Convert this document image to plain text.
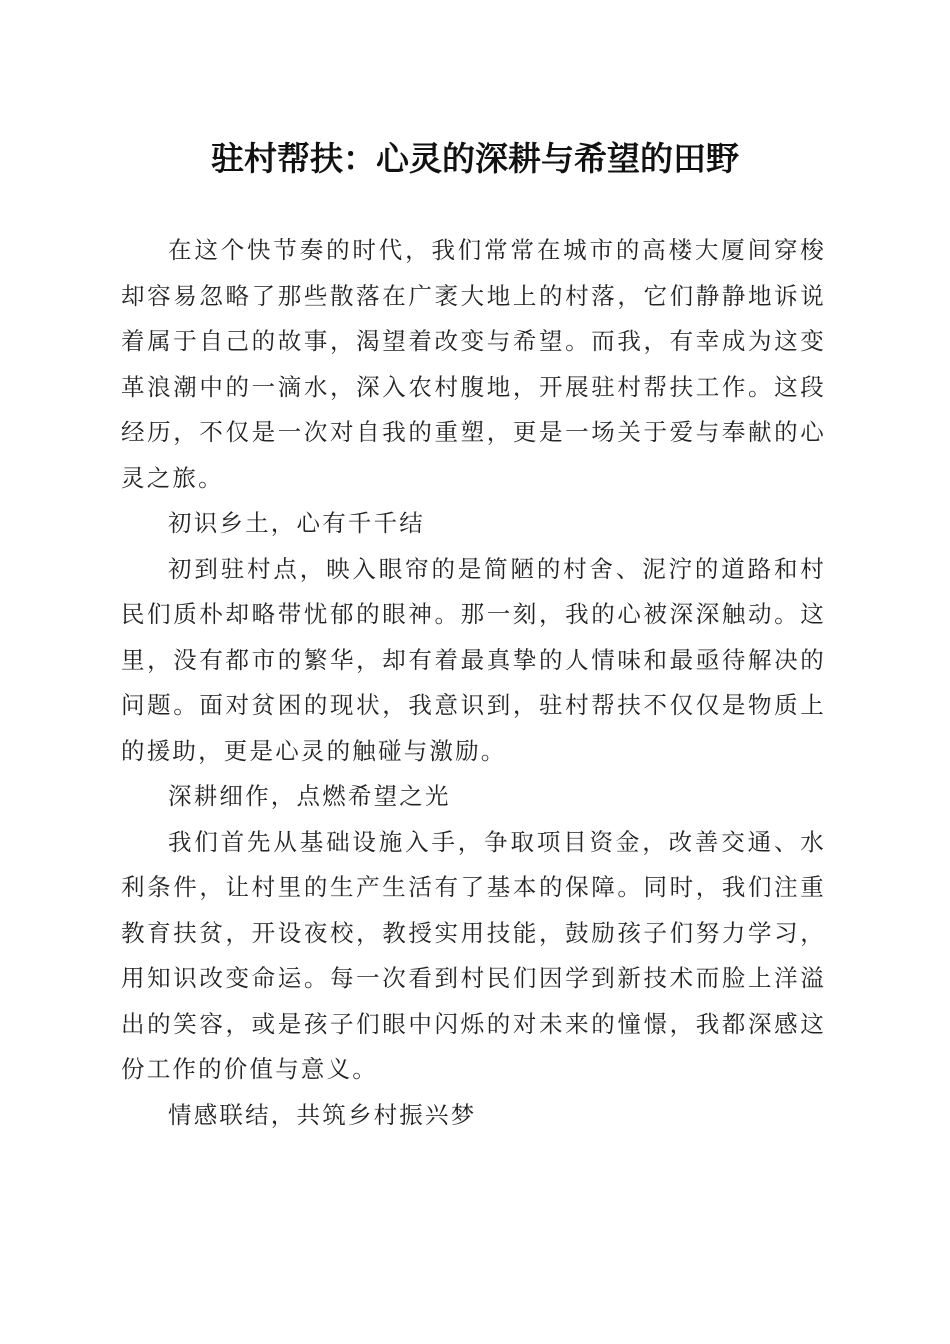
驻村帮扶：心灵的深耕与希望的田野

在这个快节奏的时代，我们常常在城市的高楼大厦间穿梭却容易忽略了那些散落在广袤大地上的村落，它们静静地诉说着属于自己的故事，渴望着改变与希望。而我，有幸成为这变革浪潮中的一滴水，深入农村腹地，开展驻村帮扶工作。这段经历，不仅是一次对自我的重塑，更是一场关于爱与奉献的心灵之旅。

初识乡土，心有千千结

初到驻村点，映入眼帘的是简陋的村舍、泥泞的道路和村民们质朴却略带忧郁的眼神。那一刻，我的心被深深触动。这里，没有都市的繁华，却有着最真挚的人情味和最亟待解决的问题。面对贫困的现状，我意识到，驻村帮扶不仅仅是物质上的援助，更是心灵的触碰与激励。

深耕细作，点燃希望之光

我们首先从基础设施入手，争取项目资金，改善交通、水利条件，让村里的生产生活有了基本的保障。同时，我们注重教育扶贫，开设夜校，教授实用技能，鼓励孩子们努力学习，用知识改变命运。每一次看到村民们因学到新技术而脸上洋溢出的笑容，或是孩子们眼中闪烁的对未来的憧憬，我都深感这份工作的价值与意义。

情感联结，共筑乡村振兴梦
